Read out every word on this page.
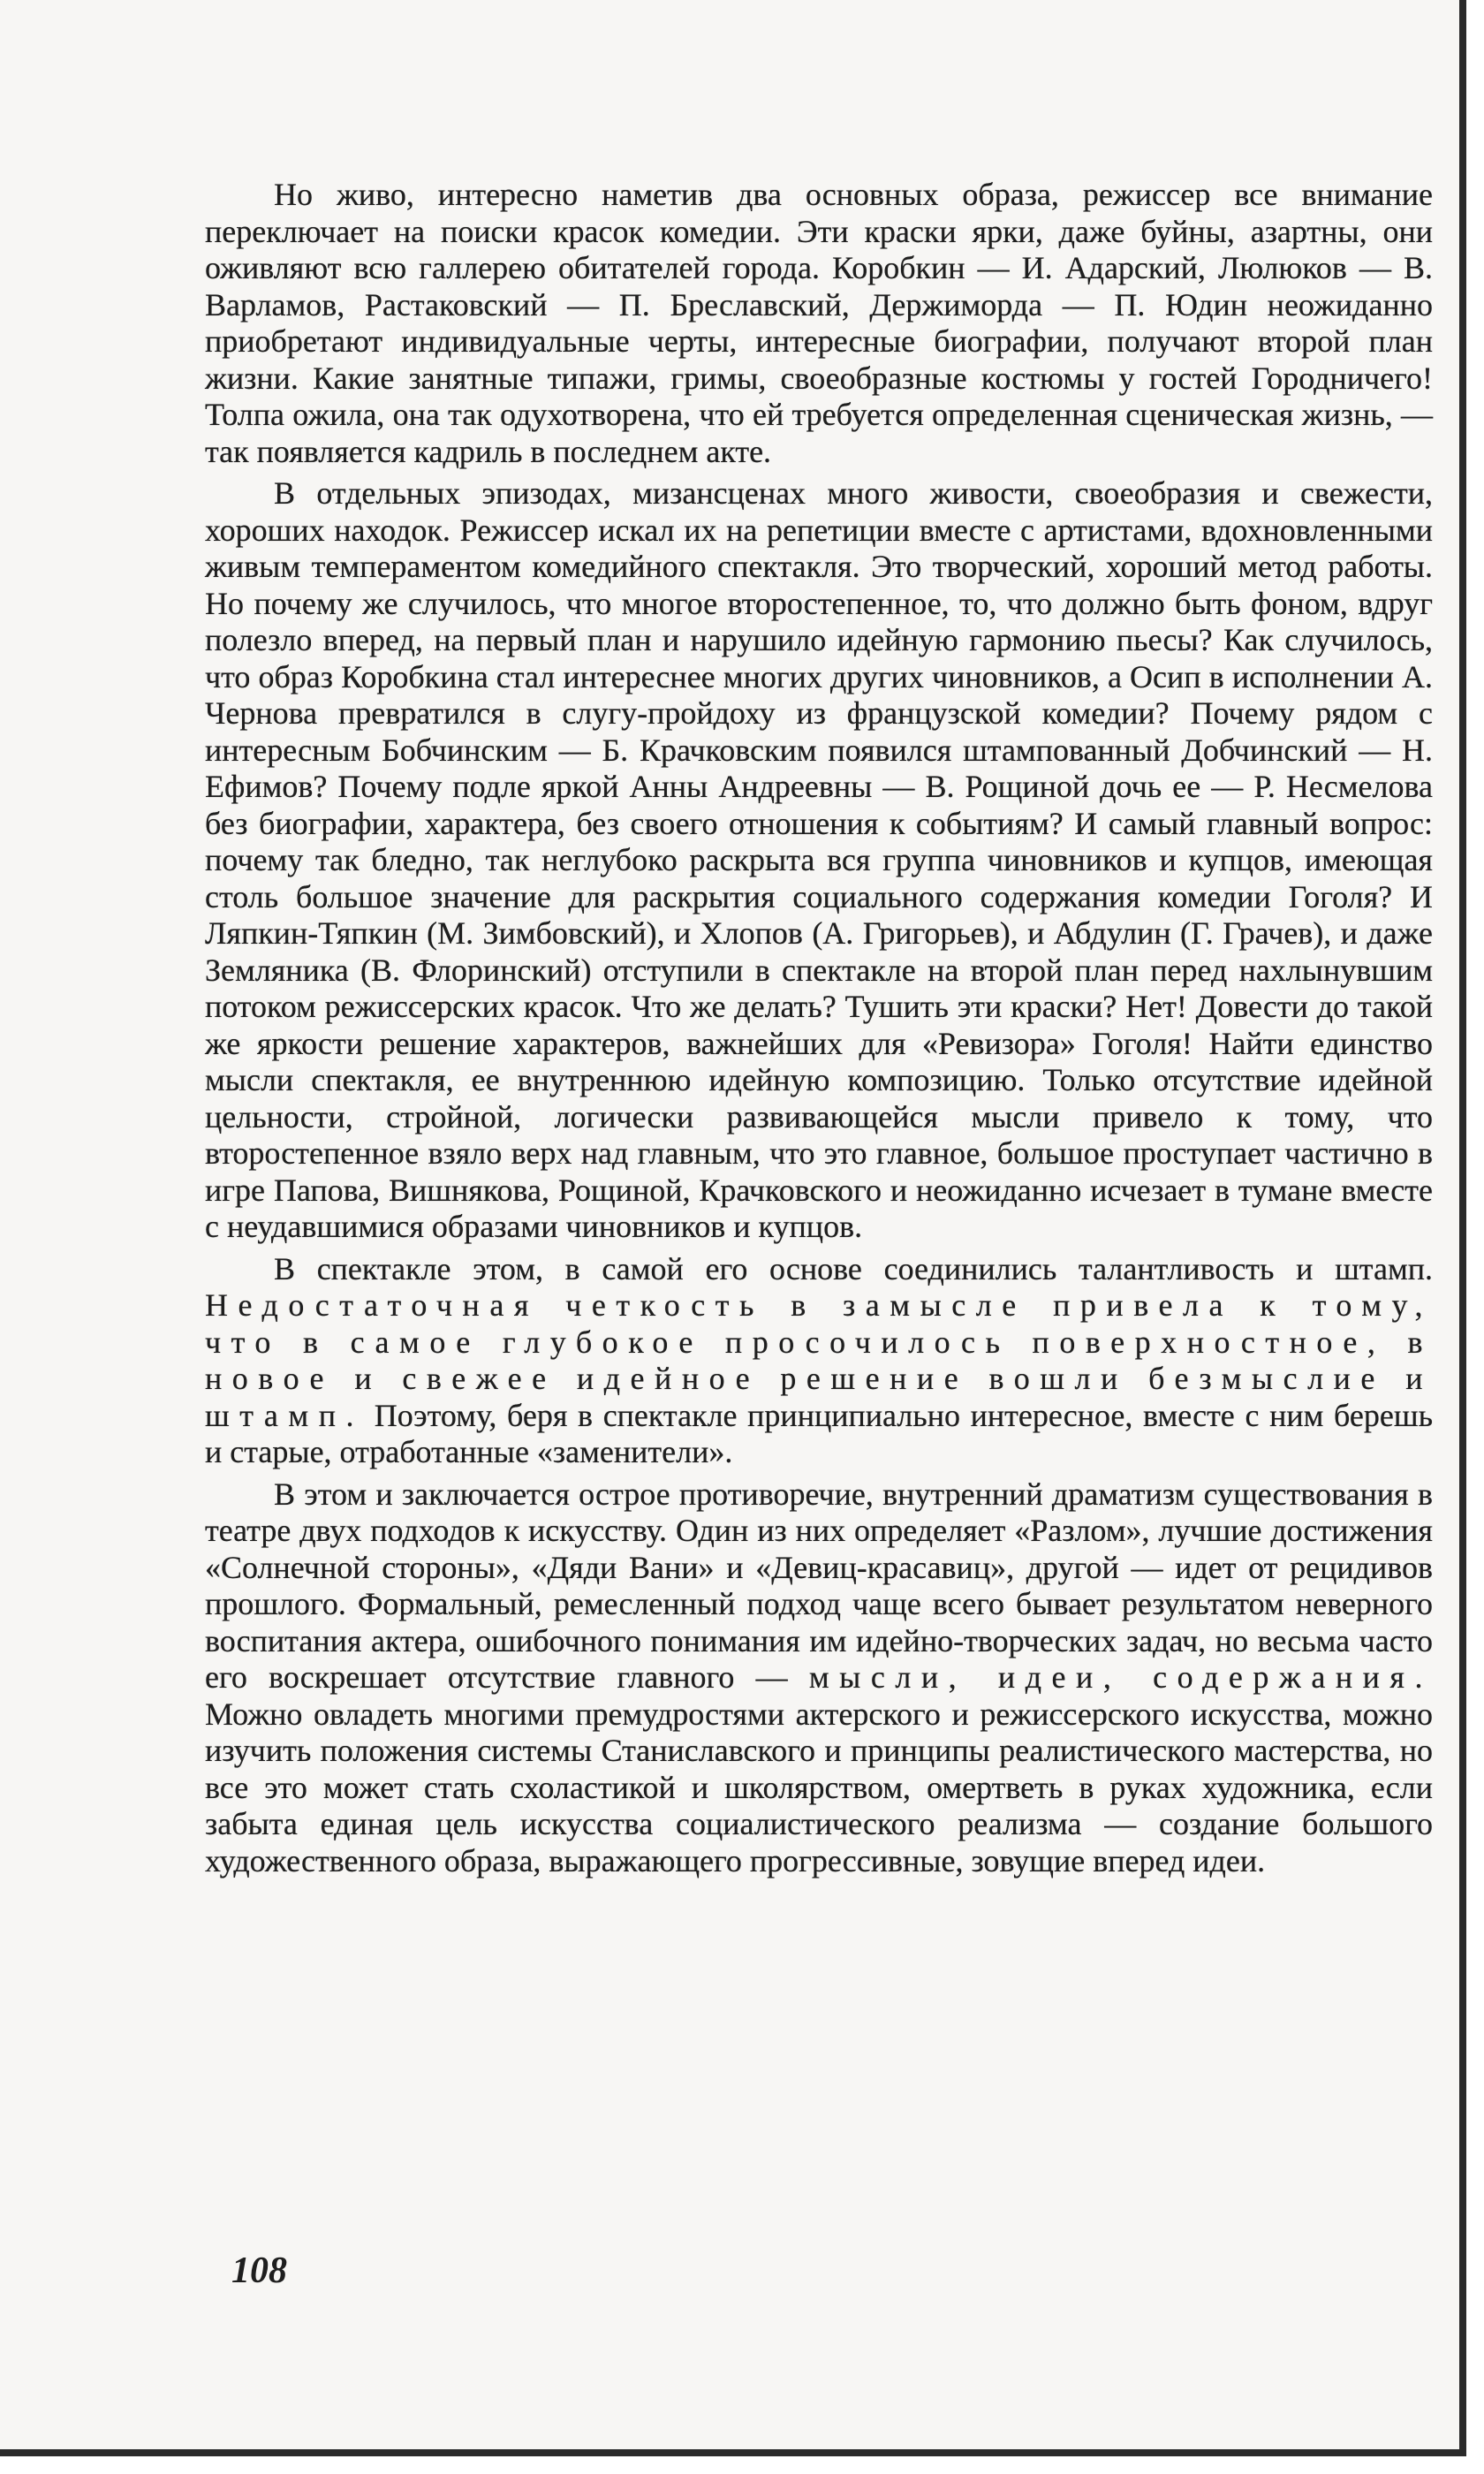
Но живо, интересно наметив два основных образа, режиссер все внимание переключает на поиски красок комедии. Эти краски ярки, даже буйны, азартны, они оживляют всю галлерею обитателей города. Коробкин — И. Адарский, Люлюков — В. Варламов, Растаковский — П. Бреславский, Держиморда — П. Юдин неожиданно приобретают индивидуальные черты, интересные биографии, получают второй план жизни. Какие занятные типажи, гримы, своеобразные костюмы у гостей Городничего! Толпа ожила, она так одухотворена, что ей требуется определенная сценическая жизнь, — так появляется кадриль в последнем акте.

В отдельных эпизодах, мизансценах много живости, своеобразия и свежести, хороших находок. Режиссер искал их на репетиции вместе с артистами, вдохновленными живым темпераментом комедийного спектакля. Это творческий, хороший метод работы. Но почему же случилось, что многое второстепенное, то, что должно быть фоном, вдруг полезло вперед, на первый план и нарушило идейную гармонию пьесы? Как случилось, что образ Коробкина стал интереснее многих других чиновников, а Осип в исполнении А. Чернова превратился в слугу-пройдоху из французской комедии? Почему рядом с интересным Бобчинским — Б. Крачковским появился штампованный Добчинский — Н. Ефимов? Почему подле яркой Анны Андреевны — В. Рощиной дочь ее — Р. Несмелова без биографии, характера, без своего отношения к событиям? И самый главный вопрос: почему так бледно, так неглубоко раскрыта вся группа чиновников и купцов, имеющая столь большое значение для раскрытия социального содержания комедии Гоголя? И Ляпкин-Тяпкин (М. Зимбовский), и Хлопов (А. Григорьев), и Абдулин (Г. Грачев), и даже Земляника (В. Флоринский) отступили в спектакле на второй план перед нахлынувшим потоком режиссерских красок. Что же делать? Тушить эти краски? Нет! Довести до такой же яркости решение характеров, важнейших для «Ревизора» Гоголя! Найти единство мысли спектакля, ее внутреннюю идейную композицию. Только отсутствие идейной цельности, стройной, логически развивающейся мысли привело к тому, что второстепенное взяло верх над главным, что это главное, большое проступает частично в игре Папова, Вишнякова, Рощиной, Крачковского и неожиданно исчезает в тумане вместе с неудавшимися образами чиновников и купцов.

В спектакле этом, в самой его основе соединились талантливость и штамп. Недостаточная четкость в замысле привела к тому, что в самое глубокое просочилось поверхностное, в новое и свежее идейное решение вошли безмыслие и штамп. Поэтому, беря в спектакле принципиально интересное, вместе с ним берешь и старые, отработанные «заменители».

В этом и заключается острое противоречие, внутренний драматизм существования в театре двух подходов к искусству. Один из них определяет «Разлом», лучшие достижения «Солнечной стороны», «Дяди Вани» и «Девиц-красавиц», другой — идет от рецидивов прошлого. Формальный, ремесленный подход чаще всего бывает результатом неверного воспитания актера, ошибочного понимания им идейно-творческих задач, но весьма часто его воскрешает отсутствие главного — мысли, идеи, содержания. Можно овладеть многими премудростями актерского и режиссерского искусства, можно изучить положения системы Станиславского и принципы реалистического мастерства, но все это может стать схоластикой и школярством, омертветь в руках художника, если забыта единая цель искусства социалистического реализма — создание большого художественного образа, выражающего прогрессивные, зовущие вперед идеи.

108
